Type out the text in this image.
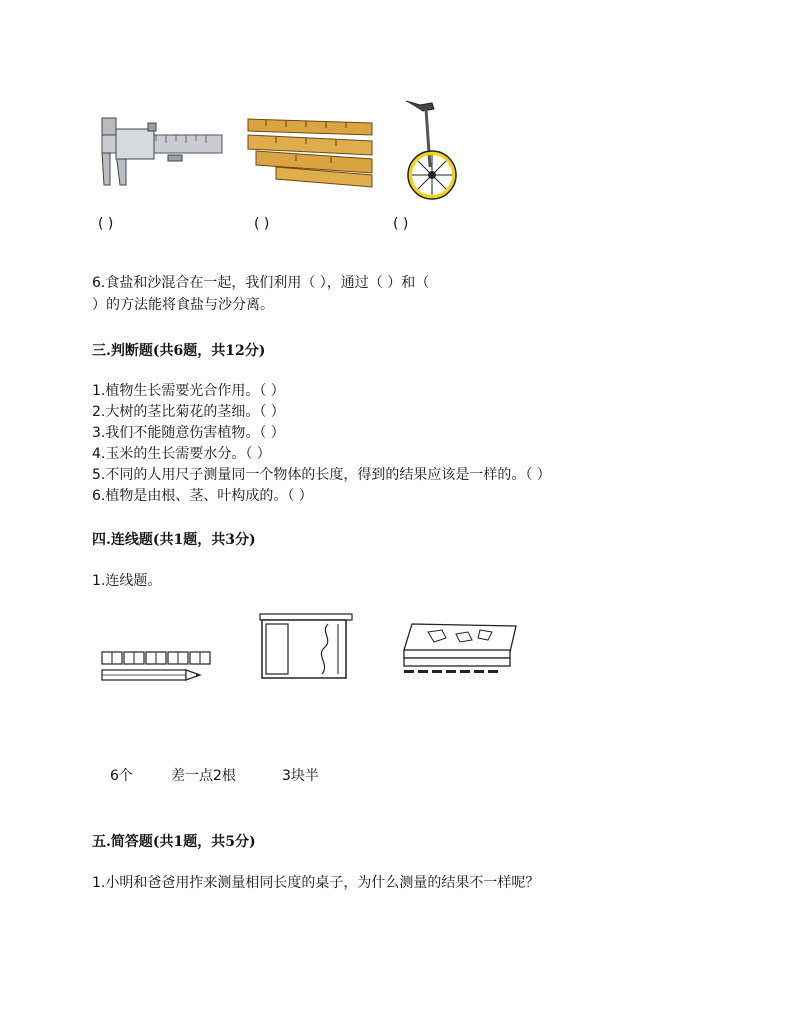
( )	( )	( )
6.食盐和沙混合在一起，我们利用（ ），通过（ ）和（
）的方法能将食盐与沙分离。
三.判断题(共6题，共12分)
1.植物生长需要光合作用。（ ）
2.大树的茎比菊花的茎细。（ ）
3.我们不能随意伤害植物。（ ）
4.玉米的生长需要水分。（ ）
5.不同的人用尺子测量同一个物体的长度，得到的结果应该是一样的。（ ）
6.植物是由根、茎、叶构成的。（ ）
四.连线题(共1题，共3分)
1.连线题。
6个	差一点2根	3块半
五.简答题(共1题，共5分)
1.小明和爸爸用拃来测量相同长度的桌子，为什么测量的结果不一样呢？
